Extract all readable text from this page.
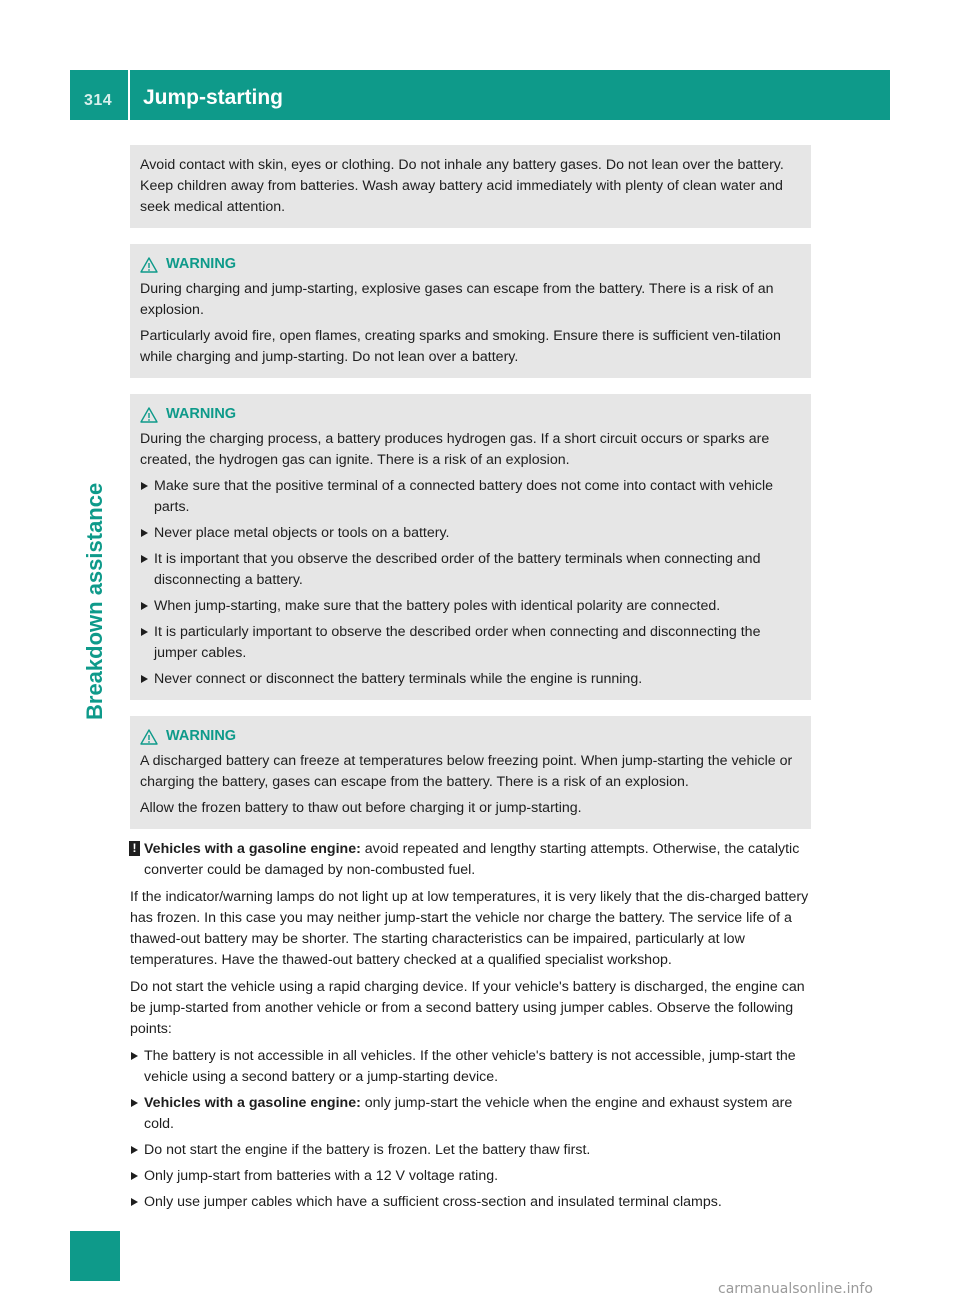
314 Jump-starting
Breakdown assistance

Avoid contact with skin, eyes or clothing. Do not inhale any battery gases. Do not lean over the battery. Keep children away from batteries. Wash away battery acid immediately with plenty of clean water and seek medical attention.

WARNING

During charging and jump-starting, explosive gases can escape from the battery. There is a risk of an explosion.

Particularly avoid fire, open flames, creating sparks and smoking. Ensure there is sufficient ven-tilation while charging and jump-starting. Do not lean over a battery.

WARNING

During the charging process, a battery produces hydrogen gas. If a short circuit occurs or sparks are created, the hydrogen gas can ignite. There is a risk of an explosion.

Make sure that the positive terminal of a connected battery does not come into contact with vehicle parts.
Never place metal objects or tools on a battery.
It is important that you observe the described order of the battery terminals when connecting and disconnecting a battery.
When jump-starting, make sure that the battery poles with identical polarity are connected.
It is particularly important to observe the described order when connecting and disconnecting the jumper cables.
Never connect or disconnect the battery terminals while the engine is running.
WARNING

A discharged battery can freeze at temperatures below freezing point. When jump-starting the vehicle or charging the battery, gases can escape from the battery. There is a risk of an explosion.

Allow the frozen battery to thaw out before charging it or jump-starting.

! Vehicles with a gasoline engine: avoid repeated and lengthy starting attempts. Otherwise, the catalytic converter could be damaged by non-combusted fuel.

If the indicator/warning lamps do not light up at low temperatures, it is very likely that the dis-charged battery has frozen. In this case you may neither jump-start the vehicle nor charge the battery. The service life of a thawed-out battery may be shorter. The starting characteristics can be impaired, particularly at low temperatures. Have the thawed-out battery checked at a qualified specialist workshop.

Do not start the vehicle using a rapid charging device. If your vehicle's battery is discharged, the engine can be jump-started from another vehicle or from a second battery using jumper cables. Observe the following points:

The battery is not accessible in all vehicles. If the other vehicle's battery is not accessible, jump-start the vehicle using a second battery or a jump-starting device.
Vehicles with a gasoline engine: only jump-start the vehicle when the engine and exhaust system are cold.
Do not start the engine if the battery is frozen. Let the battery thaw first.
Only jump-start from batteries with a 12 V voltage rating.
Only use jumper cables which have a sufficient cross-section and insulated terminal clamps.
carmanualsonline.info
